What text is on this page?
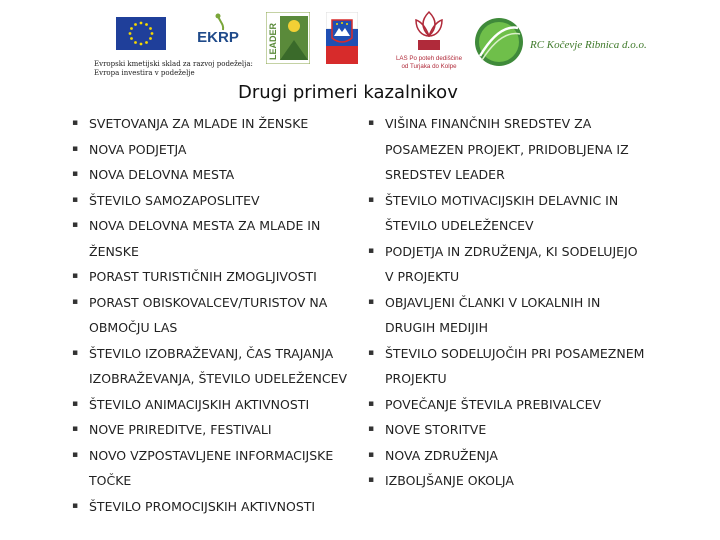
EKRP	LEADER	LAS Po poteh dediščine
od Turjaka do Kolpe
RC Kočevje Ribnica d.o.o.
Evropski kmetijski sklad za razvoj podeželja:
Evropa investira v podeželje
Drugi primeri kazalnikov
▪ SVETOVANJA ZA MLADE IN ŽENSKE
▪ NOVA PODJETJA
▪ NOVA DELOVNA MESTA
▪ ŠTEVILO SAMOZAPOSLITEV
▪ NOVA DELOVNA MESTA ZA MLADE IN
ŽENSKE
▪ PORAST TURISTIČNIH ZMOGLJIVOSTI
▪ PORAST OBISKOVALCEV/TURISTOV NA
OBMOČJU LAS
▪ ŠTEVILO IZOBRAŽEVANJ, ČAS TRAJANJA
IZOBRAŽEVANJA, ŠTEVILO UDELEŽENCEV
▪ ŠTEVILO ANIMACIJSKIH AKTIVNOSTI
▪ NOVE PRIREDITVE, FESTIVALI
▪ NOVO VZPOSTAVLJENE INFORMACIJSKE
TOČKE
▪ ŠTEVILO PROMOCIJSKIH AKTIVNOSTI
▪ VIŠINA FINANČNIH SREDSTEV ZA
POSAMEZEN PROJEKT, PRIDOBLJENA IZ
SREDSTEV LEADER
▪ ŠTEVILO MOTIVACIJSKIH DELAVNIC IN
ŠTEVILO UDELEŽENCEV
▪ PODJETJA IN ZDRUŽENJA, KI SODELUJEJO
V PROJEKTU
▪ OBJAVLJENI ČLANKI V LOKALNIH IN
DRUGIH MEDIJIH
▪ ŠTEVILO SODELUJOČIH PRI POSAMEZNEM
PROJEKTU
▪ POVEČANJE ŠTEVILA PREBIVALCEV
▪ NOVE STORITVE
▪ NOVA ZDRUŽENJA
▪ IZBOLJŠANJE OKOLJA
